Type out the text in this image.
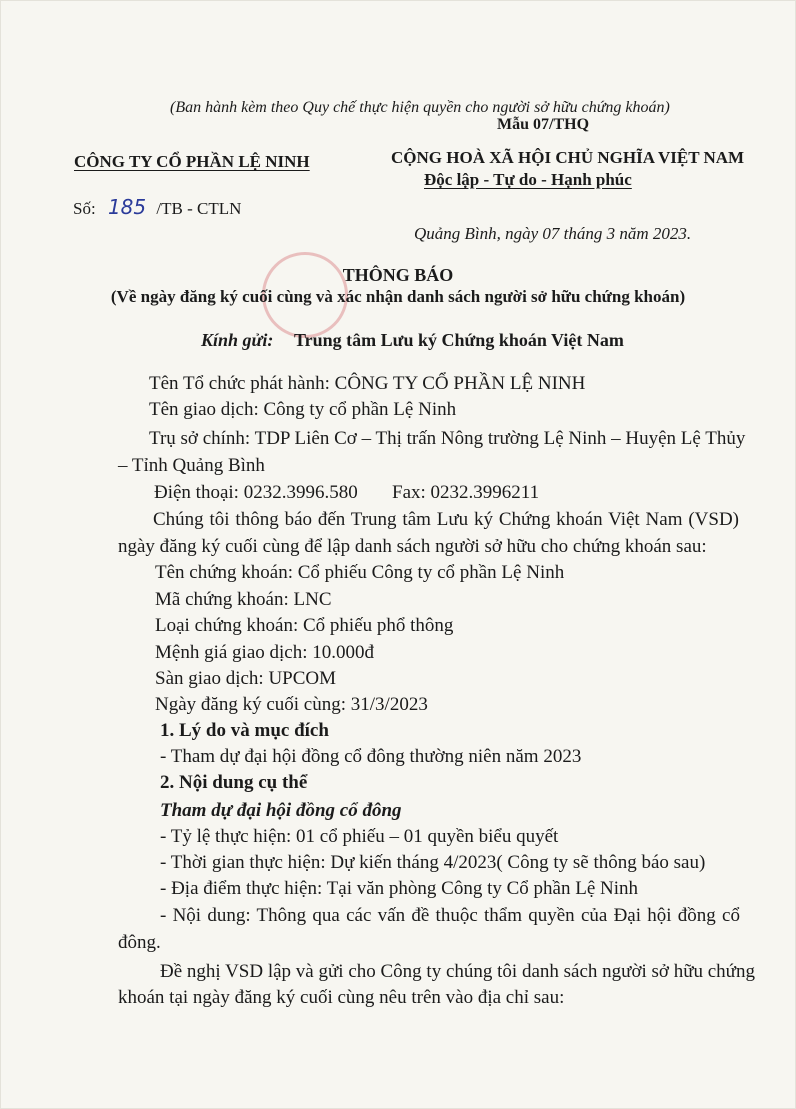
(Ban hành kèm theo Quy chế thực hiện quyền cho người sở hữu chứng khoán)
Mẫu 07/THQ
CÔNG TY CỔ PHẦN LỆ NINH	CỘNG HOÀ XÃ HỘI CHỦ NGHĨA VIỆT NAM
Độc lập - Tự do - Hạnh phúc
Số: 185 /TB - CTLN
Quảng Bình, ngày 07 tháng 3 năm 2023.
THÔNG BÁO
(Về ngày đăng ký cuối cùng và xác nhận danh sách người sở hữu chứng khoán)
Kính gửi: Trung tâm Lưu ký Chứng khoán Việt Nam
Tên Tổ chức phát hành: CÔNG TY CỔ PHẦN LỆ NINH
Tên giao dịch: Công ty cổ phần Lệ Ninh
Trụ sở chính: TDP Liên Cơ – Thị trấn Nông trường Lệ Ninh – Huyện Lệ Thủy
– Tỉnh Quảng Bình
Điện thoại: 0232.3996.580 Fax: 0232.3996211
Chúng tôi thông báo đến Trung tâm Lưu ký Chứng khoán Việt Nam (VSD)
ngày đăng ký cuối cùng để lập danh sách người sở hữu cho chứng khoán sau:
Tên chứng khoán: Cổ phiếu Công ty cổ phần Lệ Ninh
Mã chứng khoán: LNC
Loại chứng khoán: Cổ phiếu phổ thông
Mệnh giá giao dịch: 10.000đ
Sàn giao dịch: UPCOM
Ngày đăng ký cuối cùng: 31/3/2023
1. Lý do và mục đích
- Tham dự đại hội đồng cổ đông thường niên năm 2023
2. Nội dung cụ thể
Tham dự đại hội đồng cổ đông
- Tỷ lệ thực hiện: 01 cổ phiếu – 01 quyền biểu quyết
- Thời gian thực hiện: Dự kiến tháng 4/2023( Công ty sẽ thông báo sau)
- Địa điểm thực hiện: Tại văn phòng Công ty Cổ phần Lệ Ninh
- Nội dung: Thông qua các vấn đề thuộc thẩm quyền của Đại hội đồng cổ
đông.
Đề nghị VSD lập và gửi cho Công ty chúng tôi danh sách người sở hữu chứng
khoán tại ngày đăng ký cuối cùng nêu trên vào địa chỉ sau:
